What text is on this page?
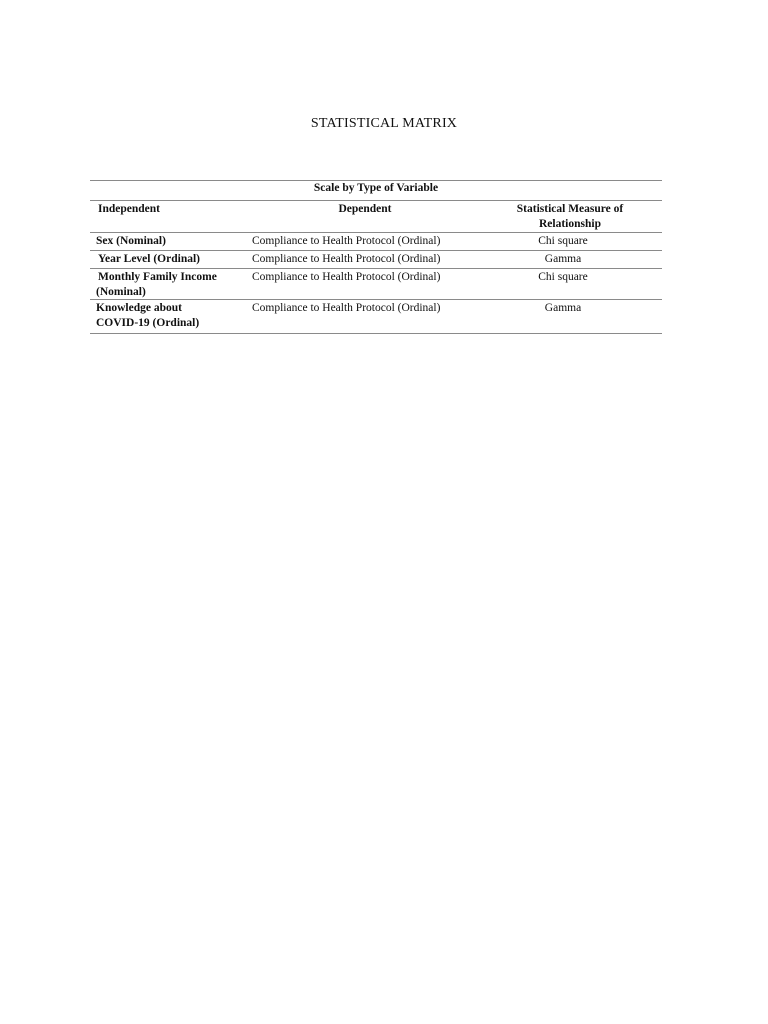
STATISTICAL MATRIX
Scale by Type of Variable
Independent	Dependent	Statistical Measure of
Relationship
Sex (Nominal)	Compliance to Health Protocol (Ordinal)	Chi square
Year Level (Ordinal)	Compliance to Health Protocol (Ordinal)	Gamma
Monthly Family Income
(Nominal)
Compliance to Health Protocol (Ordinal)	Chi square
Knowledge about
COVID-19 (Ordinal)
Compliance to Health Protocol (Ordinal)	Gamma
